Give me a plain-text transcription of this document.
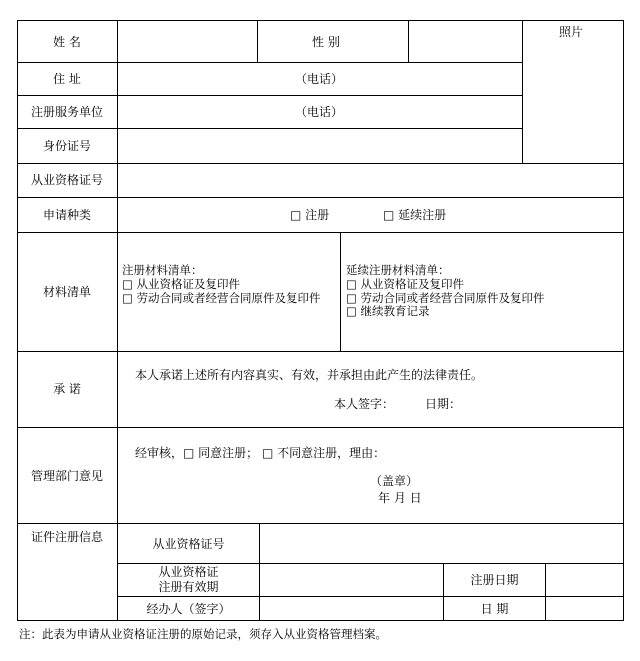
姓 名	性 别
照片
住 址	（电话）
注册服务单位	（电话）
身份证号
从业资格证号
申请种类	□ 注册	□ 延续注册
材料清单
注册材料清单：
□ 从业资格证及复印件
□ 劳动合同或者经营合同原件及复印件
延续注册材料清单：
□ 从业资格证及复印件
□ 劳动合同或者经营合同原件及复印件
□ 继续教育记录
承 诺
本人承诺上述所有内容真实、有效，并承担由此产生的法律责任。
本人签字：	日期：
管理部门意见
经审核，□ 同意注册； □ 不同意注册，理由：
（盖章）
年 月 日
证件注册信息	从业资格证号
从业资格证
注册有效期	注册日期
经办人（签字）	日 期
注：此表为申请从业资格证注册的原始记录，须存入从业资格管理档案。
